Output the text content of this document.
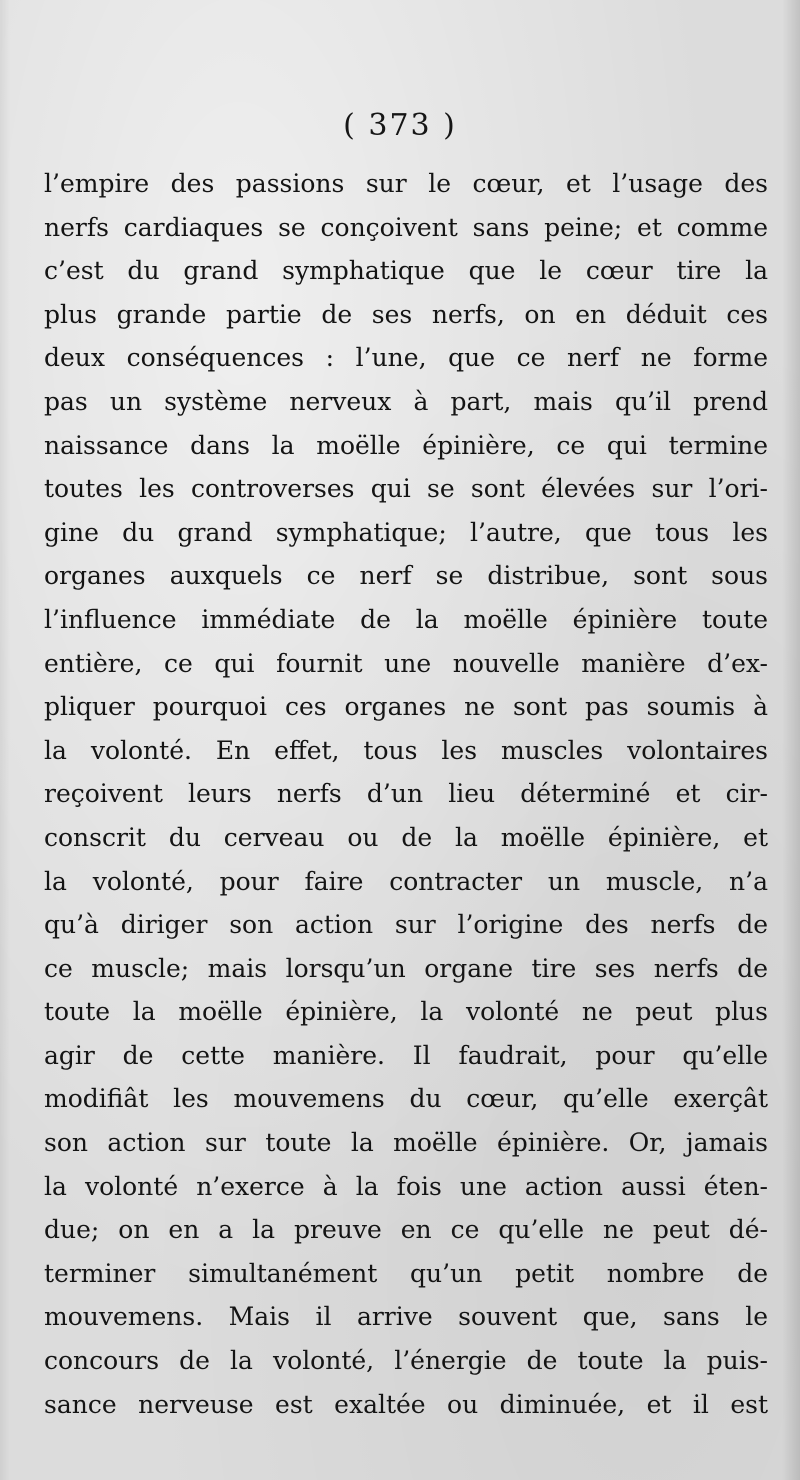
( 373 )
l’empire des passions sur le cœur, et l’usage des
nerfs cardiaques se conçoivent sans peine; et comme
c’est du grand symphatique que le cœur tire la
plus grande partie de ses nerfs, on en déduit ces
deux conséquences : l’une, que ce nerf ne forme
pas un système nerveux à part, mais qu’il prend
naissance dans la moëlle épinière, ce qui termine
toutes les controverses qui se sont élevées sur l’ori-
gine du grand symphatique; l’autre, que tous les
organes auxquels ce nerf se distribue, sont sous
l’influence immédiate de la moëlle épinière toute
entière, ce qui fournit une nouvelle manière d’ex-
pliquer pourquoi ces organes ne sont pas soumis à
la volonté. En effet, tous les muscles volontaires
reçoivent leurs nerfs d’un lieu déterminé et cir-
conscrit du cerveau ou de la moëlle épinière, et
la volonté, pour faire contracter un muscle, n’a
qu’à diriger son action sur l’origine des nerfs de
ce muscle; mais lorsqu’un organe tire ses nerfs de
toute la moëlle épinière, la volonté ne peut plus
agir de cette manière. Il faudrait, pour qu’elle
modifiât les mouvemens du cœur, qu’elle exerçât
son action sur toute la moëlle épinière. Or, jamais
la volonté n’exerce à la fois une action aussi éten-
due; on en a la preuve en ce qu’elle ne peut dé-
terminer simultanément qu’un petit nombre de
mouvemens. Mais il arrive souvent que, sans le
concours de la volonté, l’énergie de toute la puis-
sance nerveuse est exaltée ou diminuée, et il est
